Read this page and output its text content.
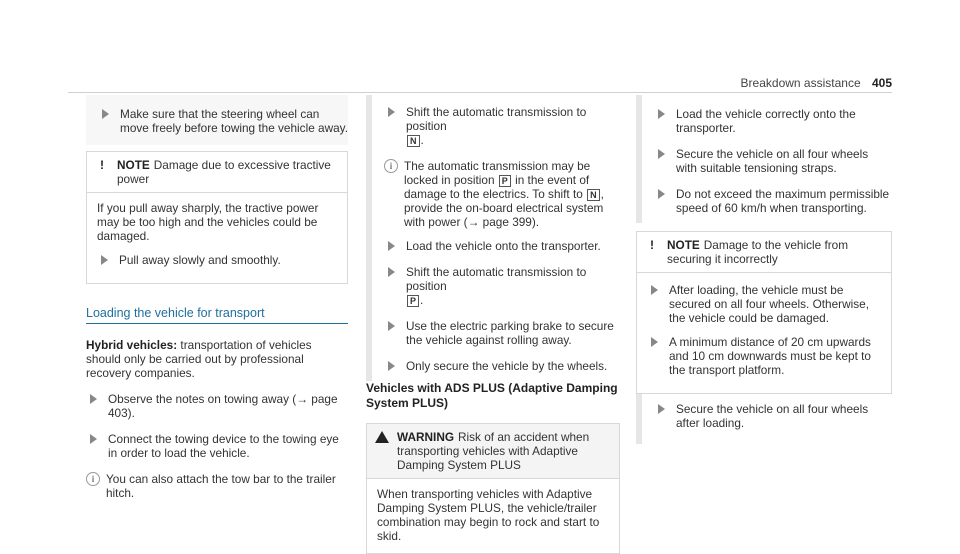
Breakdown assistance 405
Make sure that the steering wheel can move freely before towing the vehicle away.
!	NOTE Damage due to excessive tractive power

If you pull away sharply, the tractive power may be too high and the vehicles could be damaged.

Pull away slowly and smoothly.
Loading the vehicle for transport

Hybrid vehicles: transportation of vehicles should only be carried out by professional recovery companies.

Observe the notes on towing away (→ page 403).
Connect the towing device to the towing eye in order to load the vehicle.
i You can also attach the tow bar to the trailer hitch.
Shift the automatic transmission to position
N .
i The automatic transmission may be locked in position P in the event of damage to the electrics. To shift to N , provide the on-board electrical system with power (→ page 399).
Load the vehicle onto the transporter.
Shift the automatic transmission to position
P .
Use the electric parking brake to secure the vehicle against rolling away.
Only secure the vehicle by the wheels.
Vehicles with ADS PLUS (Adaptive Damping System PLUS)
WARNING Risk of an accident when transporting vehicles with Adaptive Damping System PLUS

When transporting vehicles with Adaptive Damping System PLUS, the vehicle/trailer combination may begin to rock and start to skid.

Load the vehicle correctly onto the transporter.
Secure the vehicle on all four wheels with suitable tensioning straps.
Do not exceed the maximum permissible speed of 60 km/h when transporting.
!	NOTE Damage to the vehicle from securing it incorrectly
After loading, the vehicle must be secured on all four wheels. Otherwise, the vehicle could be damaged.
A minimum distance of 20 cm upwards and 10 cm downwards must be kept to the transport platform.
Secure the vehicle on all four wheels after loading.
